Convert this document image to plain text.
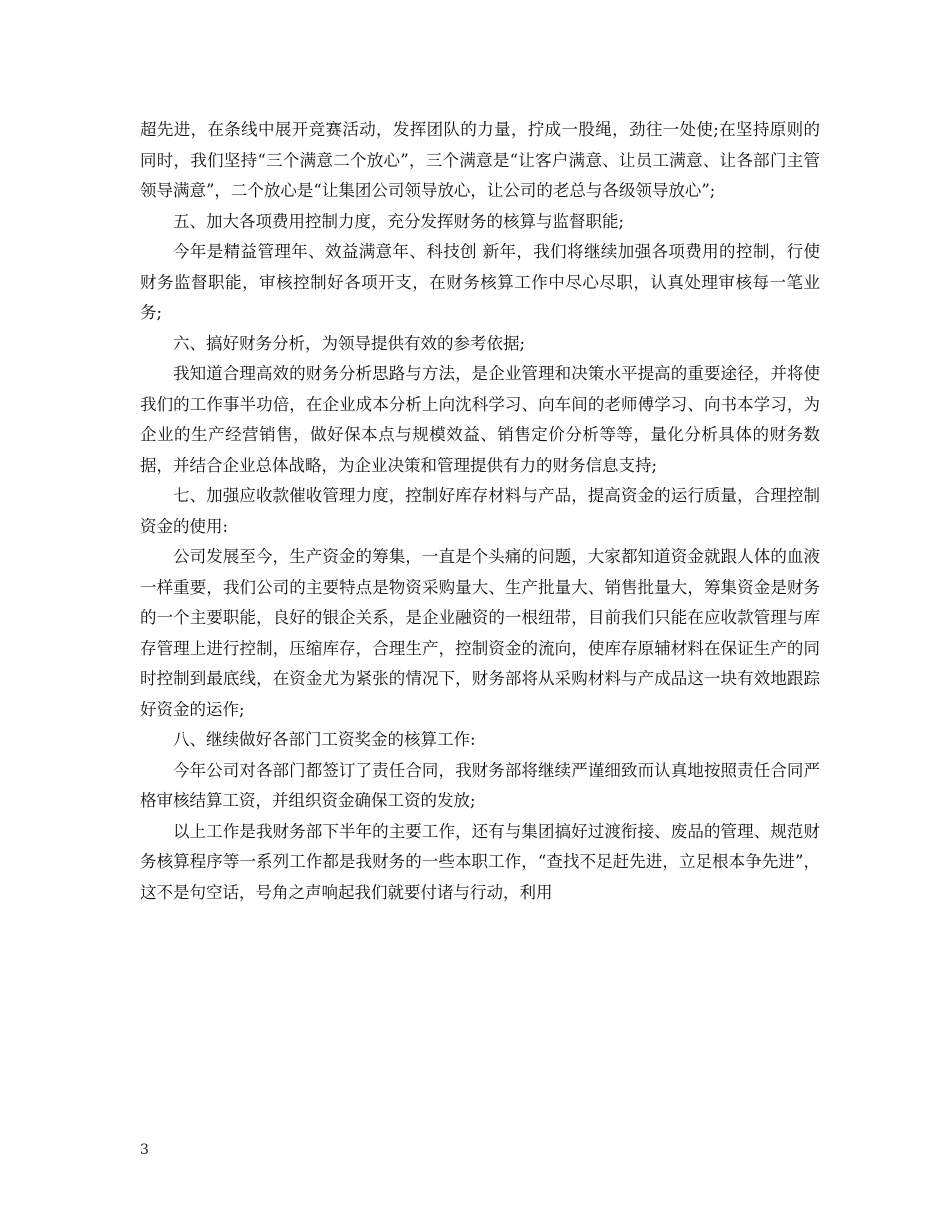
超先进，在条线中展开竞赛活动，发挥团队的力量，拧成一股绳，劲往一处使;在坚持原则的同时，我们坚持“三个满意二个放心”，三个满意是“让客户满意、让员工满意、让各部门主管领导满意”，二个放心是“让集团公司领导放心，让公司的老总与各级领导放心”;

五、加大各项费用控制力度，充分发挥财务的核算与监督职能;

今年是精益管理年、效益满意年、科技创 新年，我们将继续加强各项费用的控制，行使财务监督职能，审核控制好各项开支，在财务核算工作中尽心尽职，认真处理审核每一笔业务;

六、搞好财务分析，为领导提供有效的参考依据;

我知道合理高效的财务分析思路与方法，是企业管理和决策水平提高的重要途径，并将使我们的工作事半功倍，在企业成本分析上向沈科学习、向车间的老师傅学习、向书本学习，为企业的生产经营销售，做好保本点与规模效益、销售定价分析等等，量化分析具体的财务数据，并结合企业总体战略，为企业决策和管理提供有力的财务信息支持;

七、加强应收款催收管理力度，控制好库存材料与产品，提高资金的运行质量，合理控制资金的使用:

公司发展至今，生产资金的筹集，一直是个头痛的问题，大家都知道资金就跟人体的血液一样重要，我们公司的主要特点是物资采购量大、生产批量大、销售批量大，筹集资金是财务的一个主要职能，良好的银企关系，是企业融资的一根纽带，目前我们只能在应收款管理与库存管理上进行控制，压缩库存，合理生产，控制资金的流向，使库存原辅材料在保证生产的同时控制到最底线，在资金尤为紧张的情况下，财务部将从采购材料与产成品这一块有效地跟踪好资金的运作;

八、继续做好各部门工资奖金的核算工作:

今年公司对各部门都签订了责任合同，我财务部将继续严谨细致而认真地按照责任合同严格审核结算工资，并组织资金确保工资的发放;

以上工作是我财务部下半年的主要工作，还有与集团搞好过渡衔接、废品的管理、规范财务核算程序等一系列工作都是我财务的一些本职工作，“查找不足赶先进，立足根本争先进”，这不是句空话，号角之声响起我们就要付诸与行动，利用

3
